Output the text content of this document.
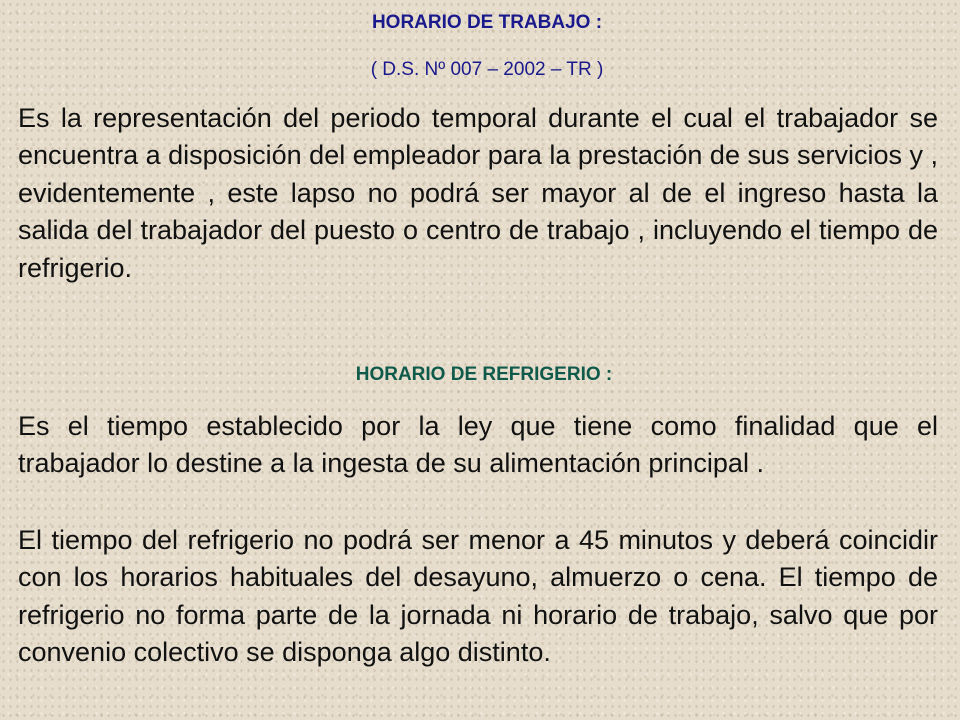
HORARIO DE TRABAJO :
( D.S. Nº 007 – 2002 – TR )
Es la representación del periodo temporal durante el cual el trabajador se encuentra a disposición del empleador para la prestación de sus servicios y , evidentemente , este lapso no podrá ser mayor al de el ingreso hasta la salida del trabajador del puesto o centro de trabajo , incluyendo el tiempo de refrigerio.
HORARIO DE REFRIGERIO :
Es el tiempo establecido por la ley que tiene como finalidad que el trabajador lo destine a la ingesta de su alimentación principal .
El tiempo del refrigerio no podrá ser menor a 45 minutos y deberá coincidir con los horarios habituales del desayuno, almuerzo o cena. El tiempo de refrigerio no forma parte de la jornada ni horario de trabajo, salvo que por convenio colectivo se disponga algo distinto.
